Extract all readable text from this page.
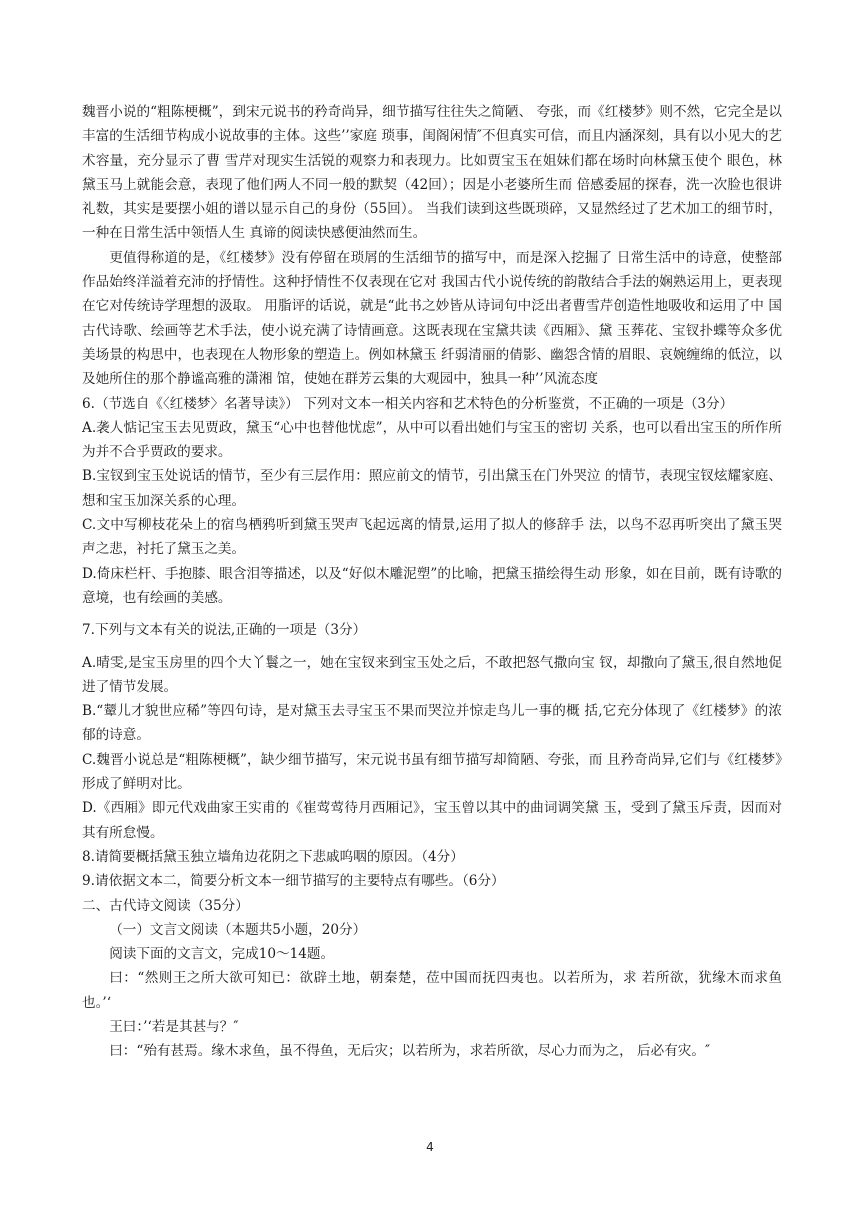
魏晋小说的“粗陈梗概”，到宋元说书的矜奇尚异，细节描写往往失之简陋、 夸张，而《红楼梦》则不然，它完全是以丰富的生活细节构成小说故事的主体。这些’’家庭 琐事，闺阁闲情″不但真实可信，而且内涵深刻，具有以小见大的艺术容量，充分显示了曹 雪芹对现实生活锐的观察力和表现力。比如贾宝玉在姐妹们都在场时向林黛玉使个 眼色，林黛玉马上就能会意，表现了他们两人不同一般的默契（42回）；因是小老婆所生而 倍感委屈的探春，洗一次脸也很讲礼数，其实是要摆小姐的谱以显示自己的身份（55回）。 当我们读到这些既琐碎，又显然经过了艺术加工的细节时，一种在日常生活中领悟人生 真谛的阅读快感便油然而生。

更值得称道的是，《红楼梦》没有停留在琐屑的生活细节的描写中，而是深入挖掘了 日常生活中的诗意，使整部作品始终洋溢着充沛的抒情性。这种抒情性不仅表现在它对 我国古代小说传统的韵散结合手法的娴熟运用上，更表现在它对传统诗学理想的汲取。 用脂评的话说，就是“此书之妙皆从诗词句中泛出者曹雪芹创造性地吸收和运用了中 国古代诗歌、绘画等艺术手法，使小说充满了诗情画意。这既表现在宝黛共读《西厢》、黛 玉葬花、宝钗扑蝶等众多优美场景的构思中，也表现在人物形象的塑造上。例如林黛玉 纤弱清丽的倩影、幽怨含情的眉眼、哀婉缠绵的低泣，以及她所住的那个静谧高雅的潇湘 馆，使她在群芳云集的大观园中，独具一种’’风流态度

6.（节选自《〈红楼梦〉名著导读》） 下列对文本一相关内容和艺术特色的分析鉴赏，不正确的一项是（3分）

A.袭人惦记宝玉去见贾政，黛玉“心中也替他忧虑”，从中可以看出她们与宝玉的密切 关系，也可以看出宝玉的所作所为并不合乎贾政的要求。

B.宝钗到宝玉处说话的情节，至少有三层作用：照应前文的情节，引出黛玉在门外哭泣 的情节，表现宝钗炫耀家庭、想和宝玉加深关系的心理。

C.文中写柳枝花朵上的宿鸟栖鸦听到黛玉哭声飞起远离的情景,运用了拟人的修辞手 法，以鸟不忍再听突出了黛玉哭声之悲，衬托了黛玉之美。

D.倚床栏杆、手抱膝、眼含泪等描述，以及“好似木雕泥塑”的比喻，把黛玉描绘得生动 形象，如在目前，既有诗歌的意境，也有绘画的美感。

7.下列与文本有关的说法,正确的一项是（3分）

A.晴雯,是宝玉房里的四个大丫鬟之一，她在宝钗来到宝玉处之后，不敢把怒气撒向宝 钗，却撒向了黛玉,很自然地促进了情节发展。

B.“颦儿才貌世应稀”等四句诗，是对黛玉去寻宝玉不果而哭泣并惊走鸟儿一事的概 括,它充分体现了《红楼梦》的浓郁的诗意。

C.魏晋小说总是“粗陈梗概”，缺少细节描写，宋元说书虽有细节描写却简陋、夸张，而 且矜奇尚异,它们与《红楼梦》形成了鲜明对比。

D.《西厢》即元代戏曲家王实甫的《崔莺莺待月西厢记》，宝玉曾以其中的曲词调笑黛 玉，受到了黛玉斥责，因而对其有所怠慢。

8.请简要概括黛玉独立墙角边花阴之下悲戚呜咽的原因。（4分）

9.请依据文本二，简要分析文本一细节描写的主要特点有哪些。（6分）

二、古代诗文阅读（35分）

（一）文言文阅读（本题共5小题，20分）

阅读下面的文言文，完成10～14题。

曰：“然则王之所大欲可知已：欲辟土地，朝秦楚，莅中国而抚四夷也。以若所为，求 若所欲，犹缘木而求鱼也。’‘

王曰：’‘若是其甚与？″

曰：“殆有甚焉。缘木求鱼，虽不得鱼，无后灾；以若所为，求若所欲，尽心力而为之， 后必有灾。″

4
